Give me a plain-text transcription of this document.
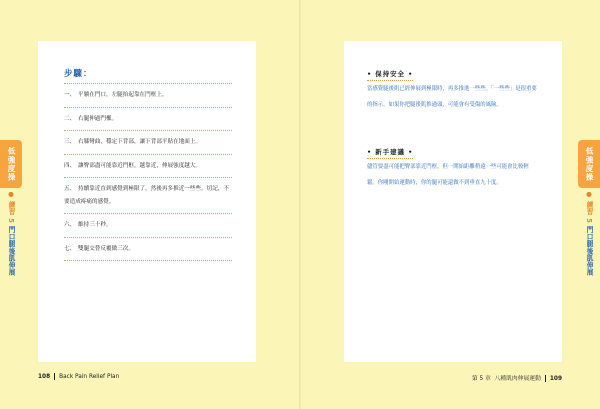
步驟：
一、 平躺在門口，左腿抬起靠在門框上。
二、 右腿伸過門檻。
三、 右膝彎曲，穩定下背部，讓下背部平貼在地面上。
四、 讓臀部盡可能靠近門框。越靠近，伸展強度越大。
五、 持續靠近直到感覺到極限了，然後再多推近一些些。切記，不要造成疼痛的感覺。
六、 維持三十秒。
七、 雙腿交替反覆做三次。
低強度操
● 練習 5 門口腿後肌伸展
108 Back Pain Relief Plan
• 保持安全 •
當感覺腿後肌已經伸展到極限時，再多推進一些些。「一些些」是很重要的指示。如果你把腿後肌推過頭，可能會有受傷的風險。
• 新手建議 •
儘管要盡可能把臀部靠近門框，但一開始距離稍遠一些可能會比較輕鬆。你剛開始運動時，你的腿可能還做不到垂直九十度。
低強度操
● 練習 5 門口腿後肌伸展
第 5 章 八種肌肉伸展運動 109
